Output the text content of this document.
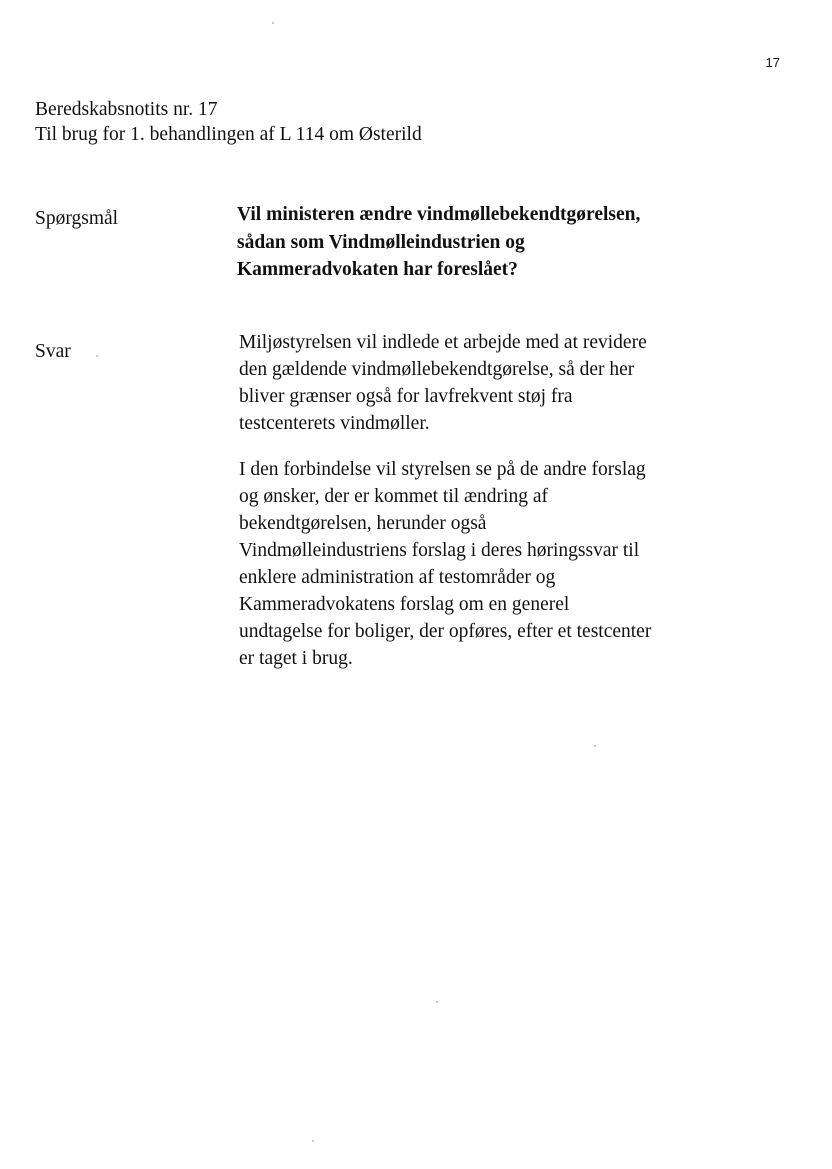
17
Beredskabsnotits nr. 17
Til brug for 1. behandlingen af L 114 om Østerild
Spørgsmål	Vil ministeren ændre vindmøllebekendtgørelsen,
sådan som Vindmølleindustrien og
Kammeradvokaten har foreslået?
Svar	Miljøstyrelsen vil indlede et arbejde med at revidere
den gældende vindmøllebekendtgørelse, så der her
bliver grænser også for lavfrekvent støj fra
testcenterets vindmøller.

I den forbindelse vil styrelsen se på de andre forslag
og ønsker, der er kommet til ændring af
bekendtgørelsen, herunder også
Vindmølleindustriens forslag i deres høringssvar til
enklere administration af testområder og
Kammeradvokatens forslag om en generel
undtagelse for boliger, der opføres, efter et testcenter
er taget i brug.
